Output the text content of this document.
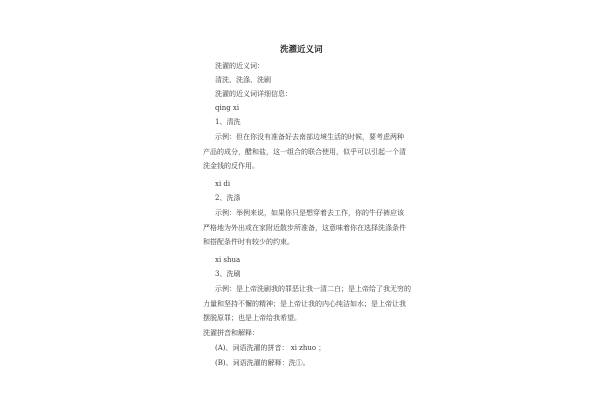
洗濯近义词
洗濯的近义词：
清洗、洗涤、洗刷
洗濯的近义词详细信息：
qing xi
1、清洗
示例：但在你没有准备好去南部边境生活的时候，要考虑两种
产品的成分，醋和盐，这一组合的联合使用，似乎可以引起一个清
洗金钱的反作用。
xi di
2、洗涤
示例：举例来说，如果你只是想穿着去工作，你的牛仔裤应该
严格地为外出或在家附近散步所准备，这意味着你在选择洗涤条件
和搭配条件时有较少的约束。
xi shua
3、洗刷
示例：是上帝洗刷我的罪恶让我一清二白；是上帝给了我无穷的
力量和坚持不懈的精神；是上帝让我的内心纯洁如水；是上帝让我
摆脱原罪；也是上帝给我希望。
洗濯拼音和解释：
(A)、词语洗濯的拼音： xi zhuo ；
(B)、词语洗濯的解释：洗①。
